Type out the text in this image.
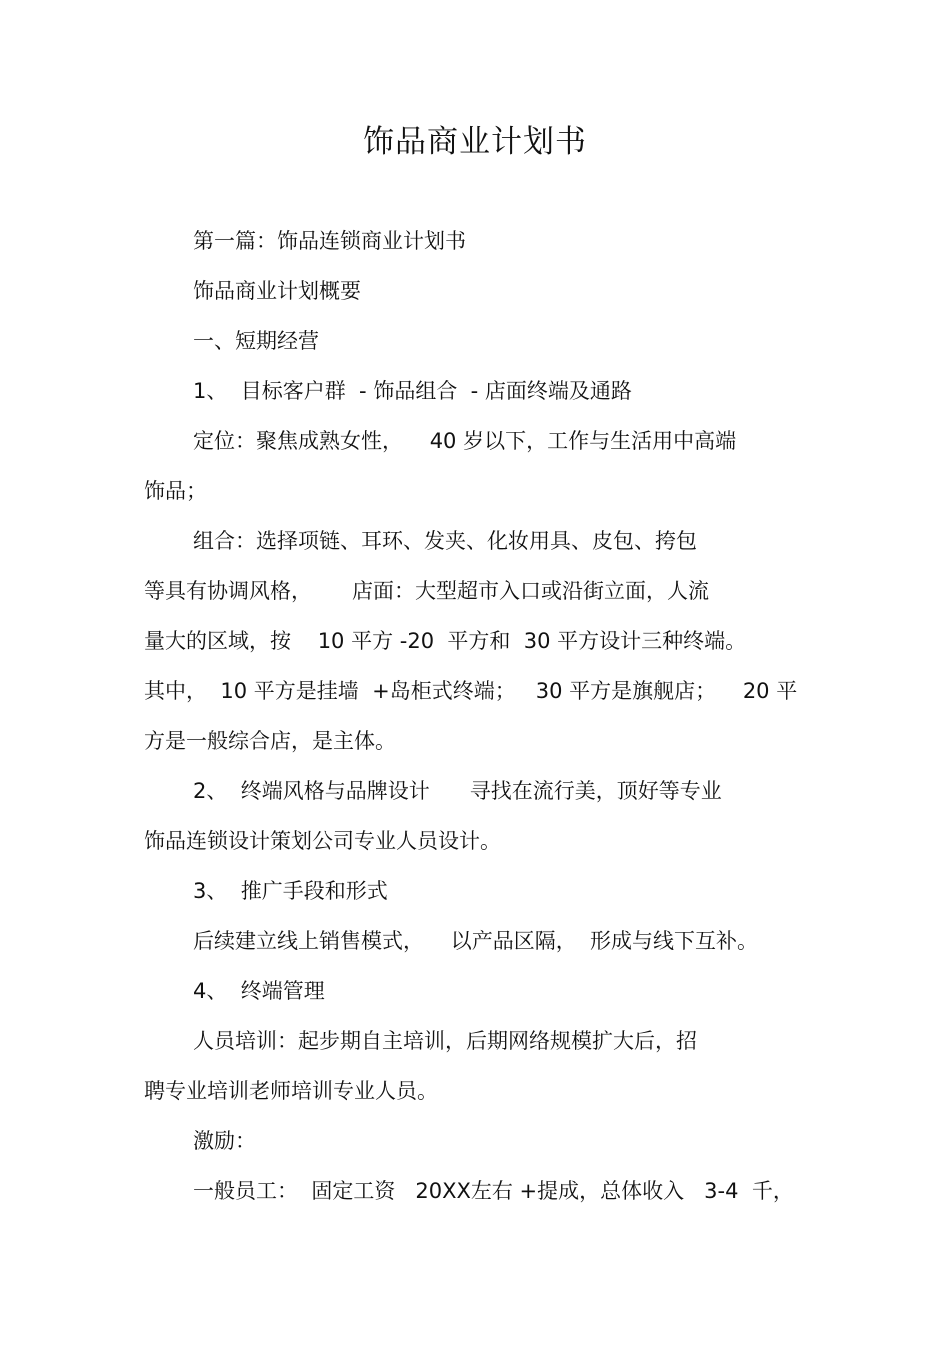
饰品商业计划书
第一篇：饰品连锁商业计划书
饰品商业计划概要
一、短期经营
1、  目标客户群  - 饰品组合  - 店面终端及通路
定位：聚焦成熟女性，    40 岁以下，工作与生活用中高端
饰品；
组合：选择项链、耳环、发夹、化妆用具、皮包、挎包
等具有协调风格，      店面：大型超市入口或沿街立面，人流
量大的区域，按    10 平方 -20  平方和  30 平方设计三种终端。
其中，  10 平方是挂墙  +岛柜式终端；   30 平方是旗舰店；    20 平
方是一般综合店，是主体。
2、  终端风格与品牌设计      寻找在流行美，顶好等专业
饰品连锁设计策划公司专业人员设计。
3、  推广手段和形式
后续建立线上销售模式，    以产品区隔，  形成与线下互补。
4、  终端管理
人员培训：起步期自主培训，后期网络规模扩大后，招
聘专业培训老师培训专业人员。
激励：
一般员工：  固定工资   20XX左右 +提成，总体收入   3-4  千，
